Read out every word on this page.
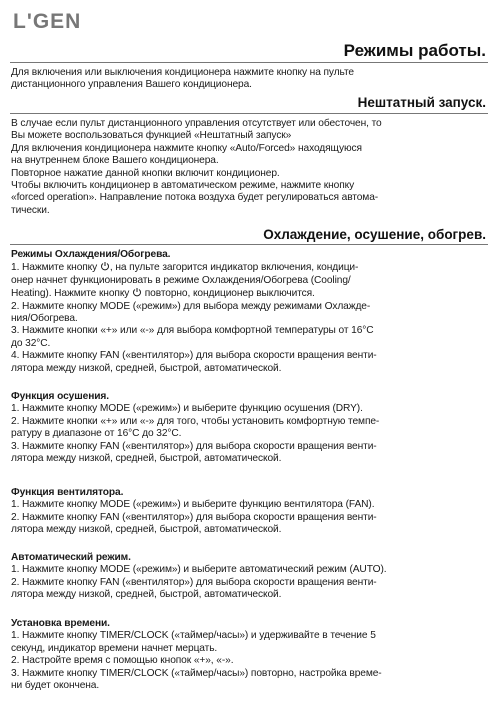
L'GEN
Режимы работы.

Для включения или выключения кондиционера нажмите кнопку на пульте

дистанционного управления Вашего кондиционера.

Нештатный запуск.

В случае если пульт дистанционного управления отсутствует или обесточен, то

Вы можете воспользоваться функцией «Нештатный запуск»

Для включения кондиционера нажмите кнопку «Auto/Forced» находящуюся

на внутреннем блоке Вашего кондиционера.

Повторное нажатие данной кнопки включит кондиционер.

Чтобы включить кондиционер в автоматическом режиме, нажмите кнопку

«forced operation». Направление потока воздуха будет регулироваться автома-

тически.

Охлаждение, осушение, обогрев.

Режимы Охлаждения/Обогрева.

1. Нажмите кнопку , на пульте загорится индикатор включения, кондици-

онер начнет функционировать в режиме Охлаждения/Обогрева (Cooling/

Heating). Нажмите кнопку повторно, кондиционер выключится.

2. Нажмите кнопку MODE («режим») для выбора между режимами Охлажде-

ния/Обогрева.

3. Нажмите кнопки «+» или «-» для выбора комфортной температуры от 16°C

до 32°C.

4. Нажмите кнопку FAN («вентилятор») для выбора скорости вращения венти-

лятора между низкой, средней, быстрой, автоматической.

Функция осушения.

1. Нажмите кнопку MODE («режим») и выберите функцию осушения (DRY).

2. Нажмите кнопки «+» или «-» для того, чтобы установить комфортную темпе-

ратуру в диапазоне от 16°C до 32°C.

3. Нажмите кнопку FAN («вентилятор») для выбора скорости вращения венти-

лятора между низкой, средней, быстрой, автоматической.

Функция вентилятора.

1. Нажмите кнопку MODE («режим») и выберите функцию вентилятора (FAN).

2. Нажмите кнопку FAN («вентилятор») для выбора скорости вращения венти-

лятора между низкой, средней, быстрой, автоматической.

Автоматический режим.

1. Нажмите кнопку MODE («режим») и выберите автоматический режим (AUTO).

2. Нажмите кнопку FAN («вентилятор») для выбора скорости вращения венти-

лятора между низкой, средней, быстрой, автоматической.

Установка времени.

1. Нажмите кнопку TIMER/CLOCK («таймер/часы») и удерживайте в течение 5

секунд, индикатор времени начнет мерцать.

2. Настройте время с помощью кнопок «+», «-».

3. Нажмите кнопку TIMER/CLOCK («таймер/часы») повторно, настройка време-

ни будет окончена.
